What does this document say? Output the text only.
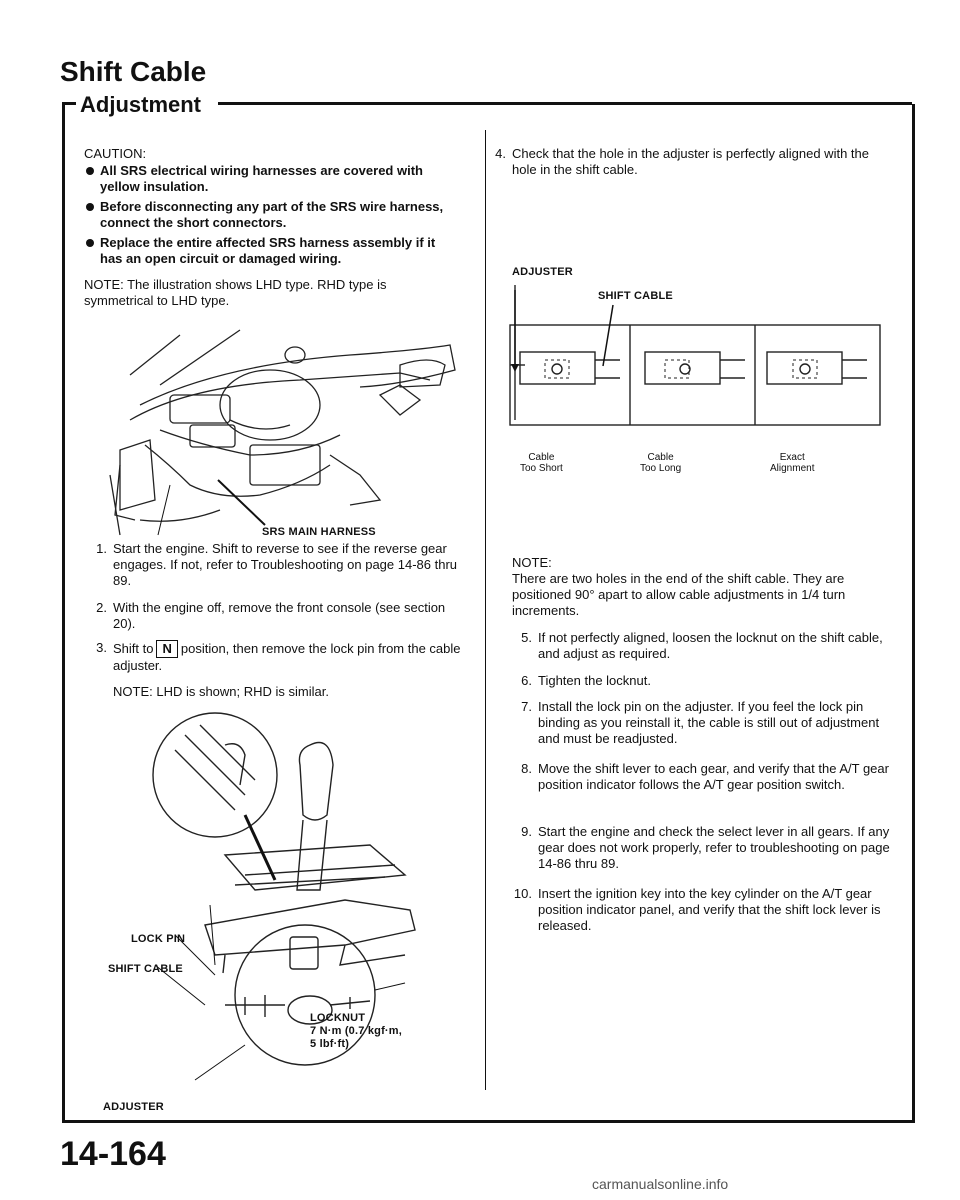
Shift Cable
Adjustment
CAUTION:
All SRS electrical wiring harnesses are covered with yellow insulation.
Before disconnecting any part of the SRS wire harness, connect the short connectors.
Replace the entire affected SRS harness assembly if it has an open circuit or damaged wiring.
NOTE: The illustration shows LHD type. RHD type is symmetrical to LHD type.
SRS MAIN HARNESS
1. Start the engine. Shift to reverse to see if the reverse gear engages. If not, refer to Troubleshooting on page 14-86 thru 89.
2. With the engine off, remove the front console (see section 20).
3. Shift to N position, then remove the lock pin from the cable adjuster.
NOTE: LHD is shown; RHD is similar.
LOCK PIN
SHIFT CABLE
LOCKNUT
7 N·m (0.7 kgf·m,
5 lbf·ft)
ADJUSTER
4. Check that the hole in the adjuster is perfectly aligned with the hole in the shift cable.
ADJUSTER
SHIFT CABLE
Cable
Too Short
Cable
Too Long
Exact
Alignment
NOTE:
There are two holes in the end of the shift cable. They are positioned 90° apart to allow cable adjustments in 1/4 turn increments.
5. If not perfectly aligned, loosen the locknut on the shift cable, and adjust as required.
6. Tighten the locknut.
7. Install the lock pin on the adjuster. If you feel the lock pin binding as you reinstall it, the cable is still out of adjustment and must be readjusted.
8. Move the shift lever to each gear, and verify that the A/T gear position indicator follows the A/T gear position switch.
9. Start the engine and check the select lever in all gears. If any gear does not work properly, refer to troubleshooting on page 14-86 thru 89.
10. Insert the ignition key into the key cylinder on the A/T gear position indicator panel, and verify that the shift lock lever is released.
14-164
carmanualsonline.info
